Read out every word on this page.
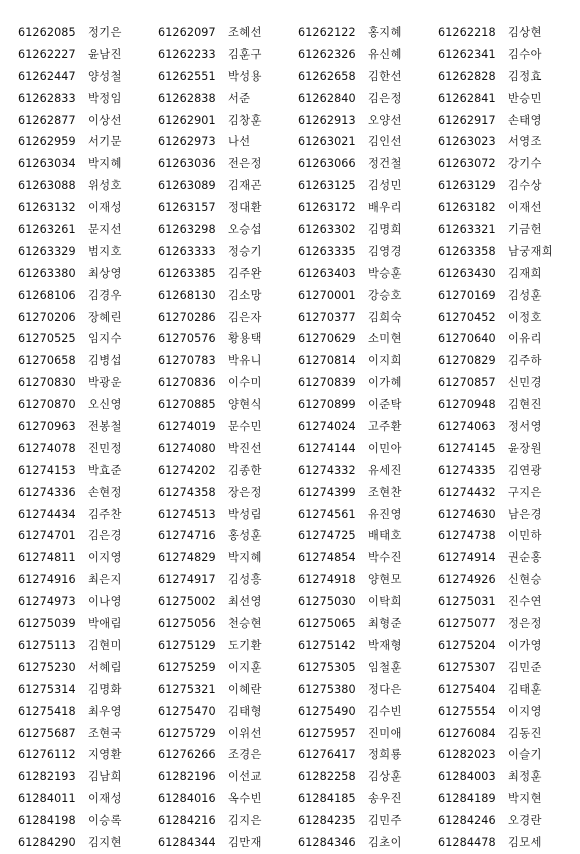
61262085 정기은	61262097 조혜선	61262122 홍지혜	61262218 김상현
61262227 윤남진	61262233 김훈구	61262326 유신혜	61262341 김수아
61262447 양성철	61262551 박성용	61262658 김한선	61262828 김정효
61262833 박정임	61262838 서준	61262840 김은정	61262841 반승민
61262877 이상선	61262901 김창훈	61262913 오양선	61262917 손태영
61262959 서기문	61262973 나선	61263021 김인선	61263023 서영조
61263034 박지혜	61263036 전은정	61263066 정건철	61263072 강기수
61263088 위성호	61263089 김재곤	61263125 김성민	61263129 김수상
61263132 이재성	61263157 정대환	61263172 배우리	61263182 이재선
61263261 문지선	61263298 오승섭	61263302 김명희	61263321 기금헌
61263329 범지호	61263333 정승기	61263335 김영경	61263358 남궁재희
61263380 최상영	61263385 김주완	61263403 박승훈	61263430 김재희
61268106 김경우	61268130 김소망	61270001 강승호	61270169 김성훈
61270206 장혜린	61270286 김은자	61270377 김희숙	61270452 이정호
61270525 임지수	61270576 황용택	61270629 소미현	61270640 이유리
61270658 김병섭	61270783 박유니	61270814 이지희	61270829 김주하
61270830 박광운	61270836 이수미	61270839 이가혜	61270857 신민경
61270870 오신영	61270885 양현식	61270899 이준탁	61270948 김현진
61270963 전봉철	61274019 문수민	61274024 고주환	61274063 정서영
61274078 진민정	61274080 박진선	61274144 이민아	61274145 윤장원
61274153 박효준	61274202 김종한	61274332 유세진	61274335 김연광
61274336 손현정	61274358 장은정	61274399 조현찬	61274432 구지은
61274434 김주찬	61274513 박성림	61274561 유진영	61274630 남은경
61274701 김은경	61274716 홍성훈	61274725 배태호	61274738 이민하
61274811 이지영	61274829 박지혜	61274854 박수진	61274914 권순홍
61274916 최은지	61274917 김성흥	61274918 양현모	61274926 신현승
61274973 이나영	61275002 최선영	61275030 이탁희	61275031 진수연
61275039 박애림	61275056 천승현	61275065 최형준	61275077 정은정
61275113 김현미	61275129 도기환	61275142 박재형	61275204 이가영
61275230 서혜림	61275259 이지훈	61275305 임철훈	61275307 김민준
61275314 김명화	61275321 이혜란	61275380 정다은	61275404 김태훈
61275418 최우영	61275470 김태형	61275490 김수빈	61275554 이지영
61275687 조현국	61275729 이위선	61275957 진미애	61276084 김동진
61276112 지영환	61276266 조경은	61276417 정희룡	61282023 이슬기
61282193 김남희	61282196 이선교	61282258 김상훈	61284003 최정훈
61284011 이재성	61284016 옥수빈	61284185 송우진	61284189 박지현
61284198 이승록	61284216 김지은	61284235 김민주	61284246 오경란
61284290 김지현	61284344 김만재	61284346 김초이	61284478 김모세
